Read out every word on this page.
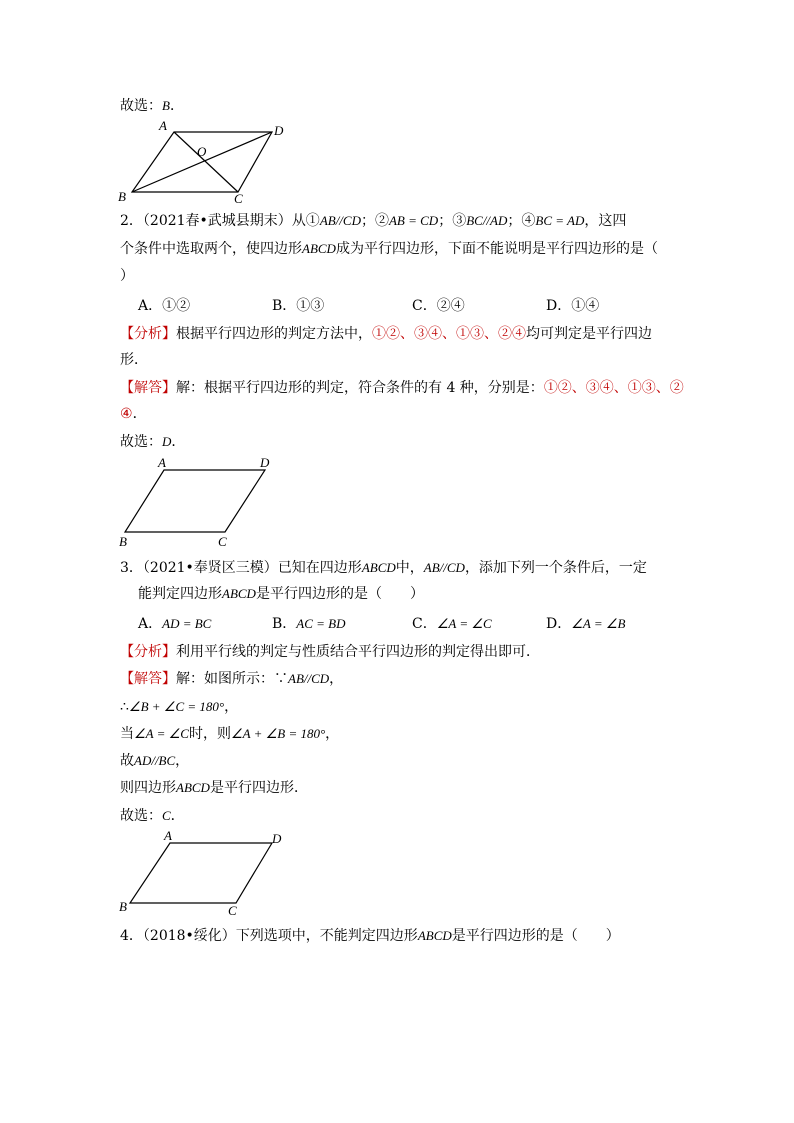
故选：B．
A	D
O
B	C
2．（2021春•武城县期末）从①AB//CD；②AB = CD；③BC//AD；④BC = AD，这四
个条件中选取两个，使四边形ABCD成为平行四边形，下面不能说明是平行四边形的是（
）
A．①②	B．①③	C．②④	D．①④
【分析】根据平行四边形的判定方法中，①②、③④、①③、②④均可判定是平行四边
形．
【解答】解：根据平行四边形的判定，符合条件的有 4 种，分别是：①②、③④、①③、②
④．
故选：D．
A	D
B	C
3．（2021•奉贤区三模）已知在四边形ABCD中，AB//CD，添加下列一个条件后，一定
能判定四边形ABCD是平行四边形的是（　　）
A．AD = BC	B．AC = BD	C．∠A = ∠C	D．∠A = ∠B
【分析】利用平行线的判定与性质结合平行四边形的判定得出即可．
【解答】解：如图所示：∵AB//CD，
∴∠B + ∠C = 180°，
当∠A = ∠C时，则∠A + ∠B = 180°，
故AD//BC，
则四边形ABCD是平行四边形．
故选：C．
A	D
B	C
4．（2018•绥化）下列选项中，不能判定四边形ABCD是平行四边形的是（　　）
